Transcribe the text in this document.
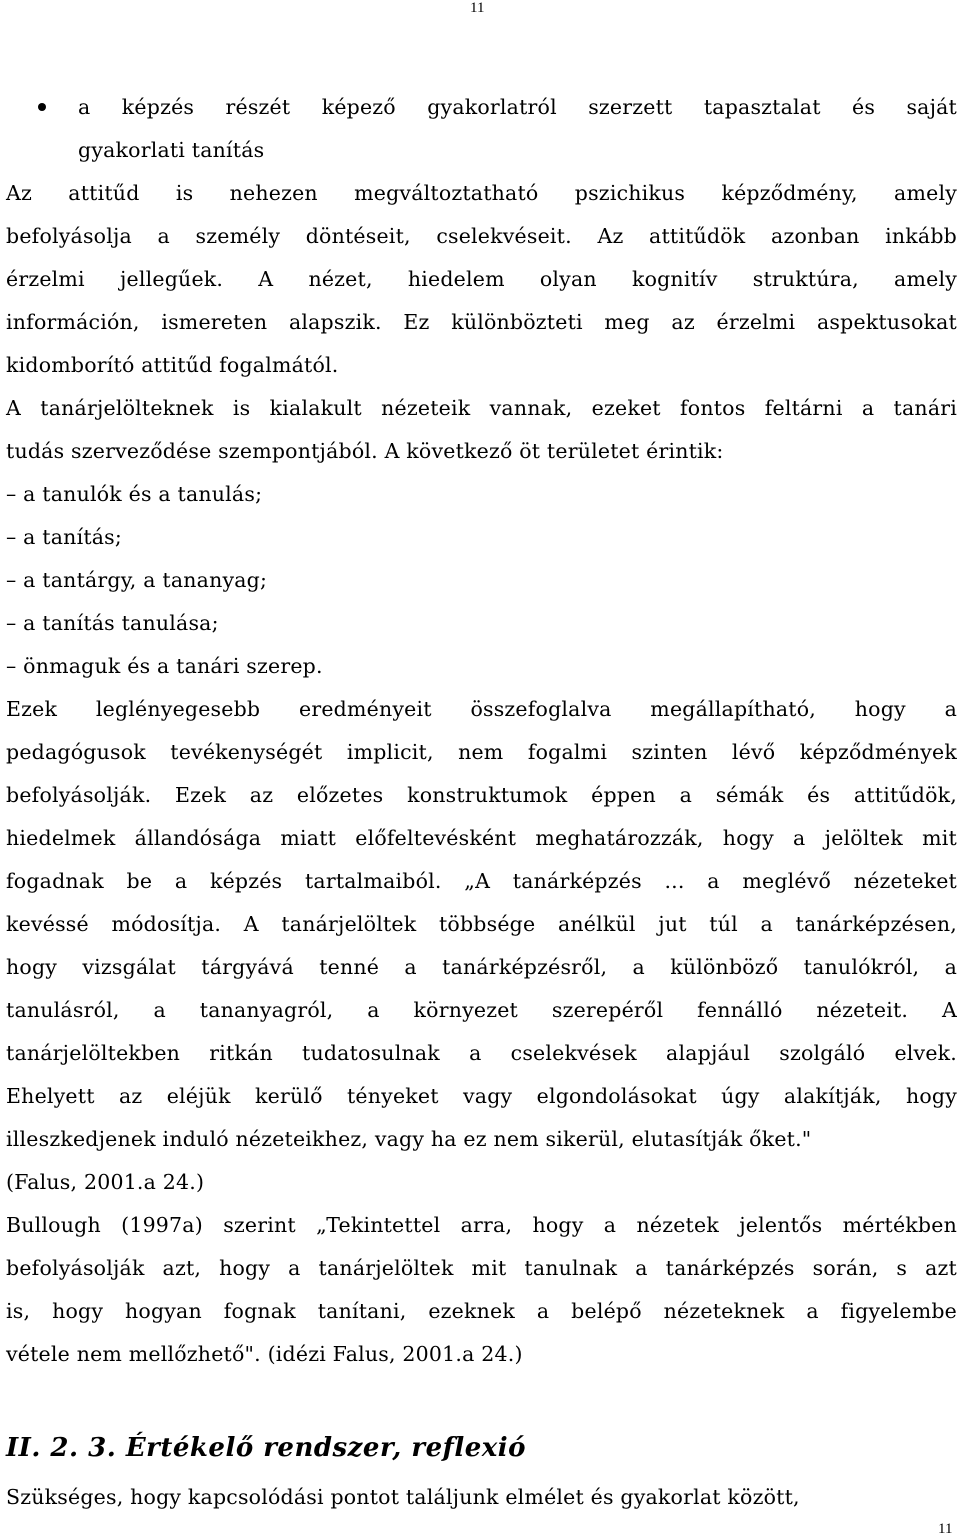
11
a képzés részét képező gyakorlatról szerzett tapasztalat és saját
gyakorlati tanítás
Az attitűd is nehezen megváltoztatható pszichikus képződmény, amely
befolyásolja a személy döntéseit, cselekvéseit. Az attitűdök azonban inkább
érzelmi jellegűek. A nézet, hiedelem olyan kognitív struktúra, amely
információn, ismereten alapszik. Ez különbözteti meg az érzelmi aspektusokat
kidomborító attitűd fogalmától.
A tanárjelölteknek is kialakult nézeteik vannak, ezeket fontos feltárni a tanári
tudás szerveződése szempontjából. A következő öt területet érintik:
– a tanulók és a tanulás;
– a tanítás;
– a tantárgy, a tananyag;
– a tanítás tanulása;
– önmaguk és a tanári szerep.
Ezek leglényegesebb eredményeit összefoglalva megállapítható, hogy a
pedagógusok tevékenységét implicit, nem fogalmi szinten lévő képződmények
befolyásolják. Ezek az előzetes konstruktumok éppen a sémák és attitűdök,
hiedelmek állandósága miatt előfeltevésként meghatározzák, hogy a jelöltek mit
fogadnak be a képzés tartalmaiból. „A tanárképzés ... a meglévő nézeteket
kevéssé módosítja. A tanárjelöltek többsége anélkül jut túl a tanárképzésen,
hogy vizsgálat tárgyává tenné a tanárképzésről, a különböző tanulókról, a
tanulásról, a tananyagról, a környezet szerepéről fennálló nézeteit. A
tanárjelöltekben ritkán tudatosulnak a cselekvések alapjául szolgáló elvek.
Ehelyett az eléjük kerülő tényeket vagy elgondolásokat úgy alakítják, hogy
illeszkedjenek induló nézeteikhez, vagy ha ez nem sikerül, elutasítják őket."
(Falus, 2001.a 24.)
Bullough (1997a) szerint „Tekintettel arra, hogy a nézetek jelentős mértékben
befolyásolják azt, hogy a tanárjelöltek mit tanulnak a tanárképzés során, s azt
is, hogy hogyan fognak tanítani, ezeknek a belépő nézeteknek a figyelembe
vétele nem mellőzhető". (idézi Falus, 2001.a 24.)
II. 2. 3. Értékelő rendszer, reflexió
Szükséges, hogy kapcsolódási pontot találjunk elmélet és gyakorlat között,
11
